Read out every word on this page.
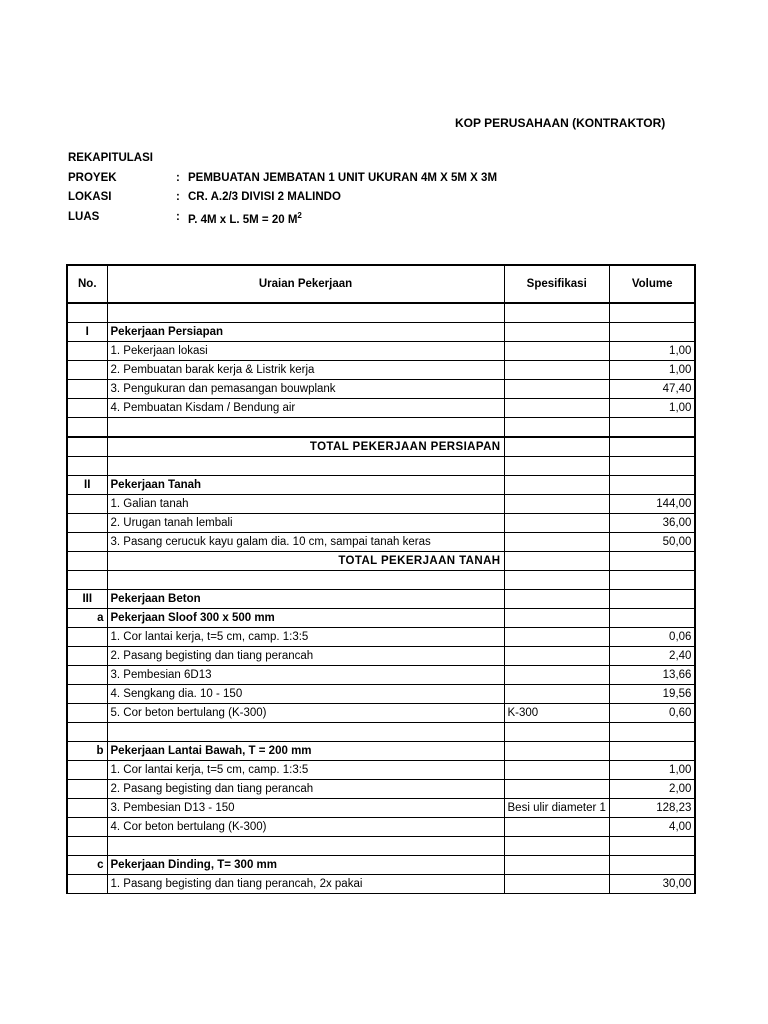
KOP PERUSAHAAN (KONTRAKTOR)
REKAPITULASI
PROYEK	: PEMBUATAN JEMBATAN 1 UNIT UKURAN 4M X 5M X 3M
LOKASI	: CR. A.2/3 DIVISI 2 MALINDO
LUAS	: P. 4M x L. 5M = 20 $M^2$
No.	Uraian Pekerjaan	Spesifikasi	Volume

I	Pekerjaan Persiapan		
	1. Pekerjaan lokasi		1,00
	2. Pembuatan barak kerja & Listrik kerja		1,00
	3. Pengukuran dan pemasangan bouwplank		47,40
	4. Pembuatan Kisdam / Bendung air		1,00

	TOTAL PEKERJAAN PERSIAPAN		

II	Pekerjaan Tanah		
	1. Galian tanah		144,00
	2. Urugan tanah lembali		36,00
	3. Pasang cerucuk kayu galam dia. 10 cm, sampai tanah keras		50,00
	TOTAL PEKERJAAN TANAH		

III	Pekerjaan Beton		
a	Pekerjaan Sloof 300 x 500 mm		
	1. Cor lantai kerja, t=5 cm, camp. 1:3:5		0,06
	2. Pasang begisting dan tiang perancah		2,40
	3. Pembesian 6D13		13,66
	4. Sengkang dia. 10 - 150		19,56
	5. Cor beton bertulang (K-300)	K-300	0,60

b	Pekerjaan Lantai Bawah, T = 200 mm		
	1. Cor lantai kerja, t=5 cm, camp. 1:3:5		1,00
	2. Pasang begisting dan tiang perancah		2,00
	3. Pembesian D13 - 150	Besi ulir diameter 1	128,23
	4. Cor beton bertulang (K-300)		4,00

c	Pekerjaan Dinding, T= 300 mm		
	1. Pasang begisting dan tiang perancah, 2x pakai		30,00
